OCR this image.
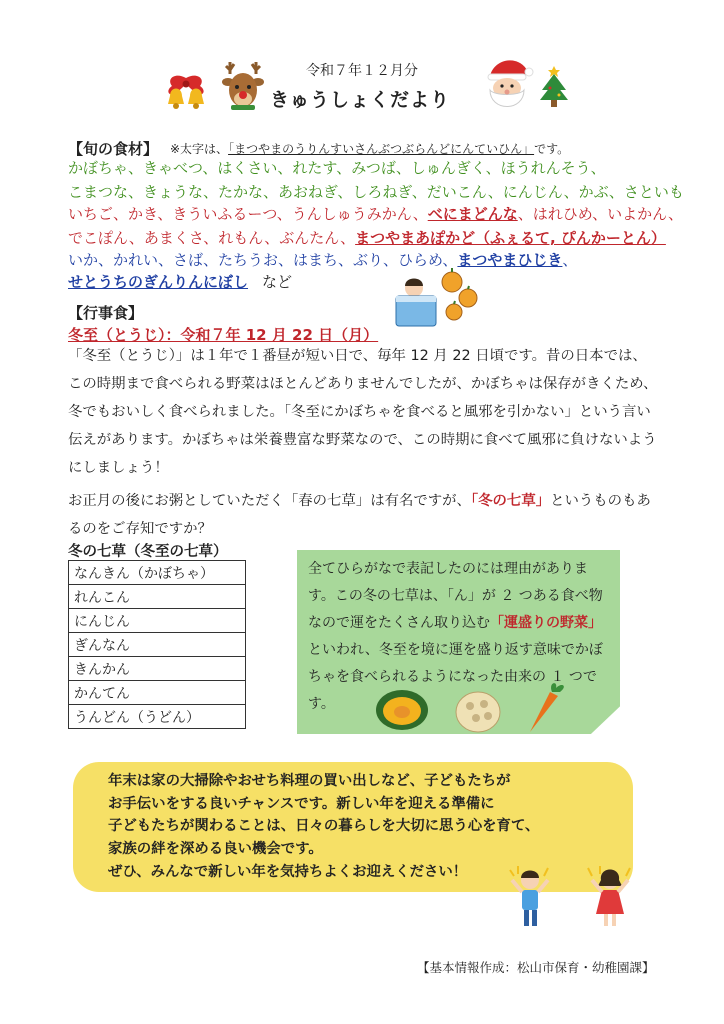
令和７年１２月分
きゅうしょくだより
【旬の食材】 ※太字は、「まつやまのうりんすいさんぶつぶらんどにんていひん」です。
かぼちゃ、きゃべつ、はくさい、れたす、みつば、しゅんぎく、ほうれんそう、
こまつな、きょうな、たかな、あおねぎ、しろねぎ、だいこん、にんじん、かぶ、さといも
いちご、かき、きういふるーつ、うんしゅうみかん、べにまどんな、はれひめ、いよかん、
でこぽん、あまくさ、れもん、ぶんたん、まつやまあぽかど（ふぇるて, ぴんかーとん）
いか、かれい、さば、たちうお、はまち、ぶり、ひらめ、まつやまひじき、
せとうちのぎんりんにぼし など
【行事食】
冬至（とうじ）：令和７年 12 月 22 日（月）

「冬至（とうじ）」は１年で１番昼が短い日で、毎年 12 月 22 日頃です。昔の日本では、この時期まで食べられる野菜はほとんどありませんでしたが、かぼちゃは保存がきくため、冬でもおいしく食べられました。「冬至にかぼちゃを食べると風邪を引かない」という言い伝えがあります。かぼちゃは栄養豊富な野菜なので、この時期に食べて風邪に負けないようにしましょう！

お正月の後にお粥としていただく「春の七草」は有名ですが、「冬の七草」というものもあるのをご存知ですか？

冬の七草（冬至の七草）
なんきん（かぼちゃ）
れんこん
にんじん
ぎんなん
きんかん
かんてん
うんどん（うどん）
全てひらがなで表記したのには理由があります。この冬の七草は、「ん」が ２ つある食べ物なので運をたくさん取り込む「運盛りの野菜」といわれ、冬至を境に運を盛り返す意味でかぼちゃを食べられるようになった由来の １ つです。
年末は家の大掃除やおせち料理の買い出しなど、子どもたちが
お手伝いをする良いチャンスです。新しい年を迎える準備に
子どもたちが関わることは、日々の暮らしを大切に思う心を育て、
家族の絆を深める良い機会です。
ぜひ、みんなで新しい年を気持ちよくお迎えください！
【基本情報作成：松山市保育・幼稚園課】
